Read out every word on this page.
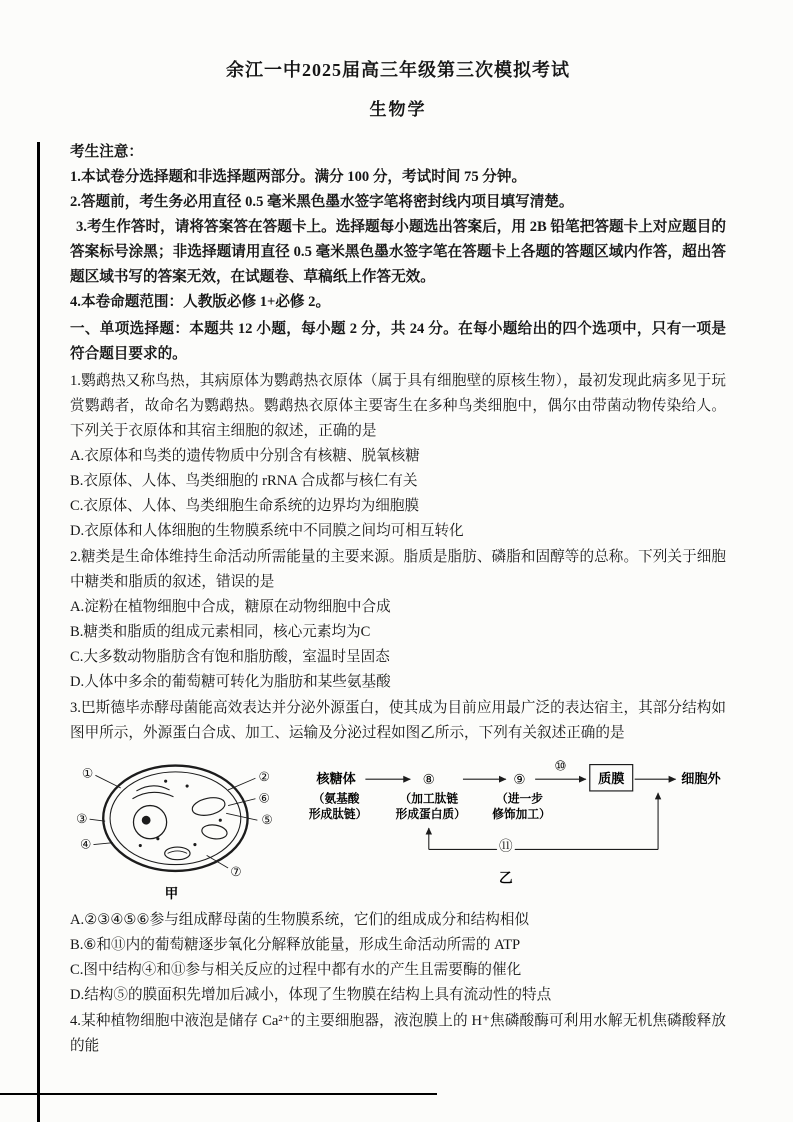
余江一中2025届高三年级第三次模拟考试
生物学

考生注意：

1.本试卷分选择题和非选择题两部分。满分 100 分，考试时间 75 分钟。

2.答题前，考生务必用直径 0.5 毫米黑色墨水签字笔将密封线内项目填写清楚。

3.考生作答时，请将答案答在答题卡上。选择题每小题选出答案后，用 2B 铅笔把答题卡上对应题目的答案标号涂黑；非选择题请用直径 0.5 毫米黑色墨水签字笔在答题卡上各题的答题区域内作答，超出答题区域书写的答案无效，在试题卷、草稿纸上作答无效。

4.本卷命题范围：人教版必修 1+必修 2。

一、单项选择题：本题共 12 小题，每小题 2 分，共 24 分。在每小题给出的四个选项中，只有一项是符合题目要求的。

1.鹦鹉热又称鸟热，其病原体为鹦鹉热衣原体（属于具有细胞壁的原核生物），最初发现此病多见于玩赏鹦鹉者，故命名为鹦鹉热。鹦鹉热衣原体主要寄生在多种鸟类细胞中，偶尔由带菌动物传染给人。下列关于衣原体和其宿主细胞的叙述，正确的是

A.衣原体和鸟类的遗传物质中分别含有核糖、脱氧核糖

B.衣原体、人体、鸟类细胞的 rRNA 合成都与核仁有关

C.衣原体、人体、鸟类细胞生命系统的边界均为细胞膜

D.衣原体和人体细胞的生物膜系统中不同膜之间均可相互转化

2.糖类是生命体维持生命活动所需能量的主要来源。脂质是脂肪、磷脂和固醇等的总称。下列关于细胞中糖类和脂质的叙述，错误的是

A.淀粉在植物细胞中合成，糖原在动物细胞中合成

B.糖类和脂质的组成元素相同，核心元素均为C

C.大多数动物脂肪含有饱和脂肪酸，室温时呈固态

D.人体中多余的葡萄糖可转化为脂肪和某些氨基酸

3.巴斯德毕赤酵母菌能高效表达并分泌外源蛋白，使其成为目前应用最广泛的表达宿主，其部分结构如图甲所示，外源蛋白合成、加工、运输及分泌过程如图乙所示，下列有关叙述正确的是

①	②
⑥
⑤
③
④
⑦
甲
核糖体
（氨基酸
形成肽链）
⑧
（加工肽链
形成蛋白质）
⑨
（进一步
修饰加工）
⑩
质膜	细胞外
⑪
乙

A.②③④⑤⑥参与组成酵母菌的生物膜系统，它们的组成成分和结构相似

B.⑥和⑪内的葡萄糖逐步氧化分解释放能量，形成生命活动所需的 ATP

C.图中结构④和⑪参与相关反应的过程中都有水的产生且需要酶的催化

D.结构⑤的膜面积先增加后减小，体现了生物膜在结构上具有流动性的特点

4.某种植物细胞中液泡是储存 Ca²⁺的主要细胞器，液泡膜上的 H⁺焦磷酸酶可利用水解无机焦磷酸释放的能
